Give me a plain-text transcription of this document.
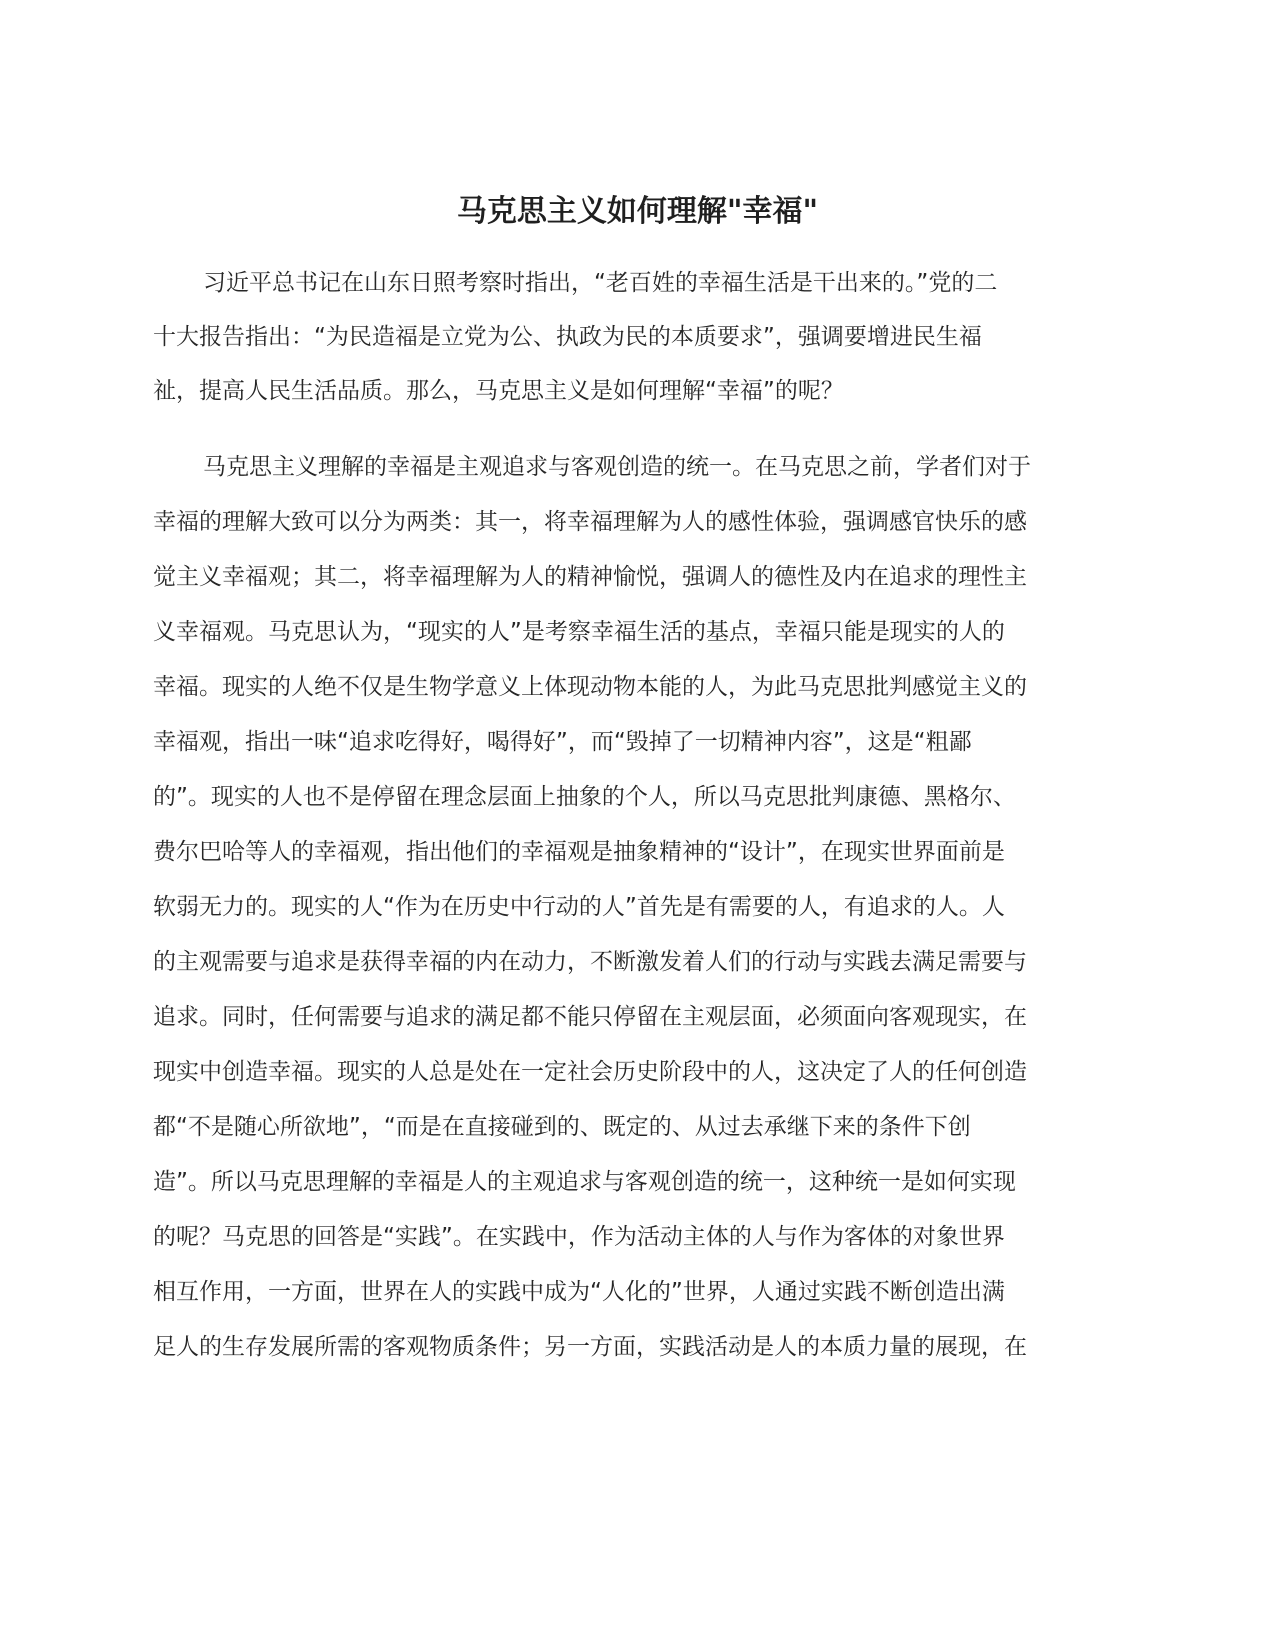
马克思主义如何理解"幸福"

习近平总书记在山东日照考察时指出，“老百姓的幸福生活是干出来的。”党的二

十大报告指出：“为民造福是立党为公、执政为民的本质要求”，强调要增进民生福

祉，提高人民生活品质。那么，马克思主义是如何理解“幸福”的呢？

马克思主义理解的幸福是主观追求与客观创造的统一。在马克思之前，学者们对于

幸福的理解大致可以分为两类：其一，将幸福理解为人的感性体验，强调感官快乐的感

觉主义幸福观；其二，将幸福理解为人的精神愉悦，强调人的德性及内在追求的理性主

义幸福观。马克思认为，“现实的人”是考察幸福生活的基点，幸福只能是现实的人的

幸福。现实的人绝不仅是生物学意义上体现动物本能的人，为此马克思批判感觉主义的

幸福观，指出一味“追求吃得好，喝得好”，而“毁掉了一切精神内容”，这是“粗鄙

的”。现实的人也不是停留在理念层面上抽象的个人，所以马克思批判康德、黑格尔、

费尔巴哈等人的幸福观，指出他们的幸福观是抽象精神的“设计”，在现实世界面前是

软弱无力的。现实的人“作为在历史中行动的人”首先是有需要的人，有追求的人。人

的主观需要与追求是获得幸福的内在动力，不断激发着人们的行动与实践去满足需要与

追求。同时，任何需要与追求的满足都不能只停留在主观层面，必须面向客观现实，在

现实中创造幸福。现实的人总是处在一定社会历史阶段中的人，这决定了人的任何创造

都“不是随心所欲地”，“而是在直接碰到的、既定的、从过去承继下来的条件下创

造”。所以马克思理解的幸福是人的主观追求与客观创造的统一，这种统一是如何实现

的呢？马克思的回答是“实践”。在实践中，作为活动主体的人与作为客体的对象世界

相互作用，一方面，世界在人的实践中成为“人化的”世界，人通过实践不断创造出满

足人的生存发展所需的客观物质条件；另一方面，实践活动是人的本质力量的展现，在
